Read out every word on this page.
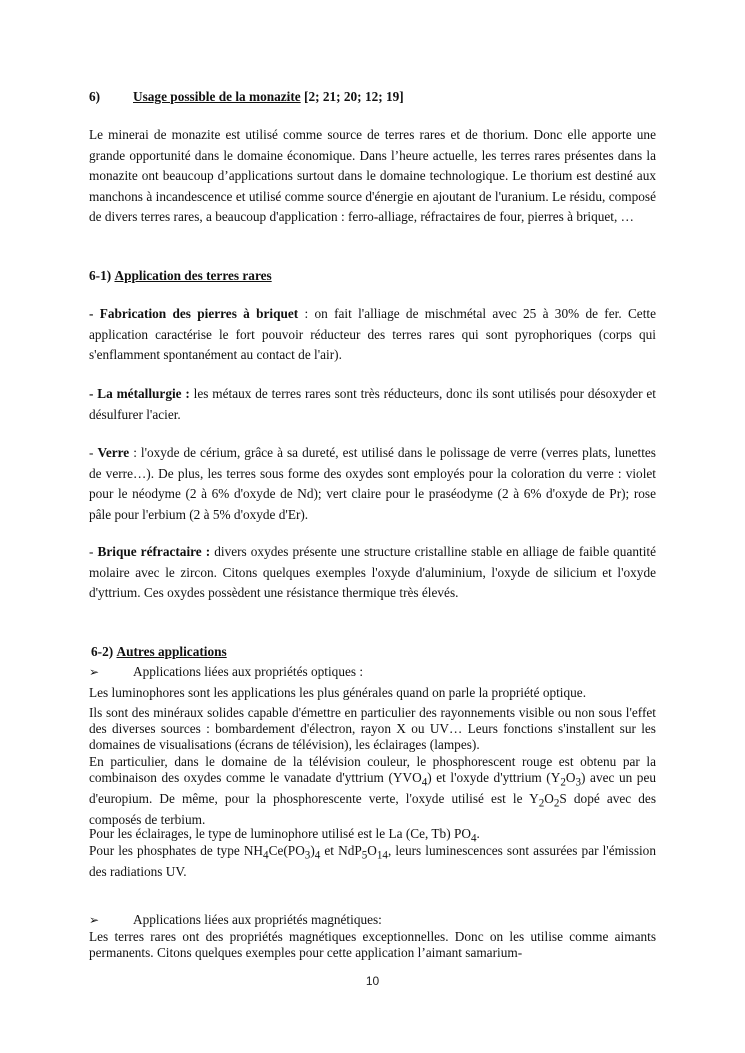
6) Usage possible de la monazite [2; 21; 20; 12; 19]

Le minerai de monazite est utilisé comme source de terres rares et de thorium. Donc elle apporte une grande opportunité dans le domaine économique. Dans l’heure actuelle, les terres rares présentes dans la monazite ont beaucoup d’applications surtout dans le domaine technologique. Le thorium est destiné aux manchons à incandescence et utilisé comme source d'énergie en ajoutant de l'uranium. Le résidu, composé de divers terres rares, a beaucoup d'application : ferro-alliage, réfractaires de four, pierres à briquet, …

6-1) Application des terres rares

- Fabrication des pierres à briquet : on fait l'alliage de mischmétal avec 25 à 30% de fer. Cette application caractérise le fort pouvoir réducteur des terres rares qui sont pyrophoriques (corps qui s'enflamment spontanément au contact de l'air).

- La métallurgie : les métaux de terres rares sont très réducteurs, donc ils sont utilisés pour désoxyder et désulfurer l'acier.

- Verre : l'oxyde de cérium, grâce à sa dureté, est utilisé dans le polissage de verre (verres plats, lunettes de verre…). De plus, les terres sous forme des oxydes sont employés pour la coloration du verre : violet pour le néodyme (2 à 6% d'oxyde de Nd); vert claire pour le praséodyme (2 à 6% d'oxyde de Pr); rose pâle pour l'erbium (2 à 5% d'oxyde d'Er).

- Brique réfractaire : divers oxydes présente une structure cristalline stable en alliage de faible quantité molaire avec le zircon. Citons quelques exemples l'oxyde d'aluminium, l'oxyde de silicium et l'oxyde d'yttrium. Ces oxydes possèdent une résistance thermique très élevés.

6-2) Autres applications

➢	Applications liées aux propriétés optiques :

Les luminophores sont les applications les plus générales quand on parle la propriété optique.

Ils sont des minéraux solides capable d'émettre en particulier des rayonnements visible ou non sous l'effet des diverses sources : bombardement d'électron, rayon X ou UV… Leurs fonctions s'installent sur les domaines de visualisations (écrans de télévision), les éclairages (lampes).

En particulier, dans le domaine de la télévision couleur, le phosphorescent rouge est obtenu par la combinaison des oxydes comme le vanadate d'yttrium $(YVO_4)$ et l'oxyde d'yttrium $(Y_2O_3)$ avec un peu d'europium. De même, pour la phosphorescente verte, l'oxyde utilisé est le $Y_2O_2S$ dopé avec des composés de terbium.

Pour les éclairages, le type de luminophore utilisé est le La (Ce, Tb) $PO_4$.

Pour les phosphates de type $NH_4Ce(PO_3)_4$ et $NdP_5O_{14}$, leurs luminescences sont assurées par l'émission des radiations UV.

➢	Applications liées aux propriétés magnétiques:

Les terres rares ont des propriétés magnétiques exceptionnelles. Donc on les utilise comme aimants permanents. Citons quelques exemples pour cette application l’aimant samarium-

10
